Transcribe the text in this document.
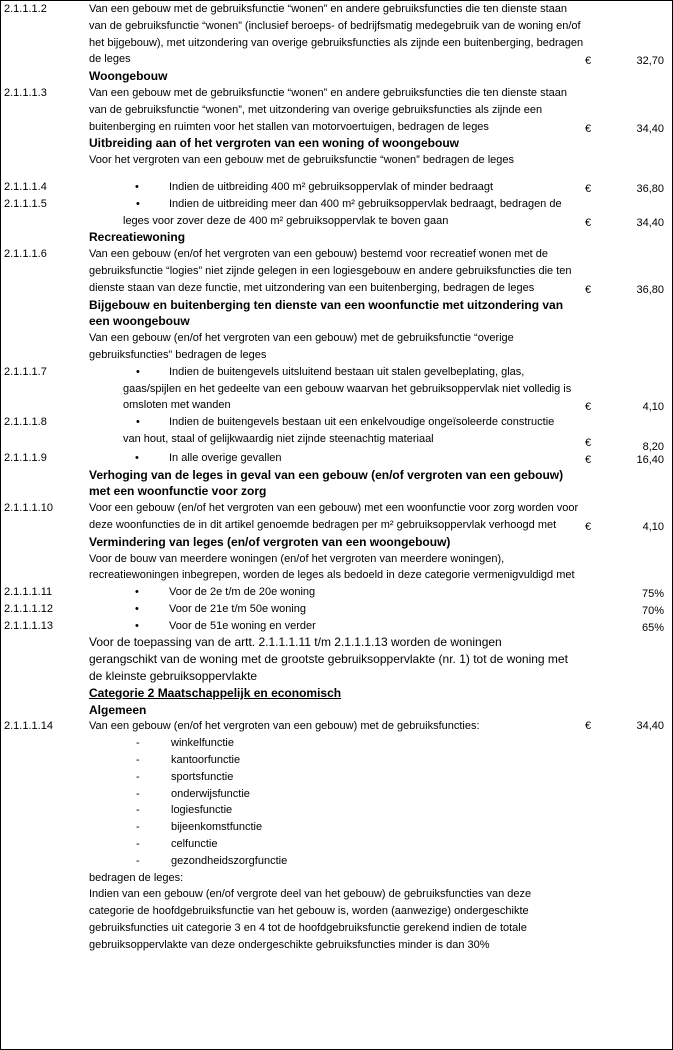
2.1.1.1.2	Van een gebouw met de gebruiksfunctie “wonen” en andere gebruiksfuncties die ten dienste staan van de gebruiksfunctie “wonen” (inclusief beroeps- of bedrijfsmatig medegebruik van de woning en/of het bijgebouw), met uitzondering van overige gebruiksfuncties als zijnde een buitenberging, bedragen de leges	€	32,70
Woongebouw
2.1.1.1.3	Van een gebouw met de gebruiksfunctie “wonen” en andere gebruiksfuncties die ten dienste staan van de gebruiksfunctie “wonen”, met uitzondering van overige gebruiksfuncties als zijnde een buitenberging en ruimten voor het stallen van motorvoertuigen, bedragen de leges	€	34,40
Uitbreiding aan of het vergroten van een woning of woongebouw
Voor het vergroten van een gebouw met de gebruiksfunctie “wonen” bedragen de leges
2.1.1.1.4	•	Indien de uitbreiding 400 m² gebruiksoppervlak of minder bedraagt	€	36,80
2.1.1.1.5	•	Indien de uitbreiding meer dan 400 m² gebruiksoppervlak bedraagt, bedragen de leges voor zover deze de 400 m² gebruiksoppervlak te boven gaan	€	34,40
Recreatiewoning
2.1.1.1.6	Van een gebouw (en/of het vergroten van een gebouw) bestemd voor recreatief wonen met de gebruiksfunctie “logies” niet zijnde gelegen in een logiesgebouw en andere gebruiksfuncties die ten dienste staan van deze functie, met uitzondering van een buitenberging, bedragen de leges	€	36,80
Bijgebouw en buitenberging ten dienste van een woonfunctie met uitzondering van een woongebouw
Van een gebouw (en/of het vergroten van een gebouw) met de gebruiksfunctie “overige gebruiksfuncties” bedragen de leges
2.1.1.1.7	•	Indien de buitengevels uitsluitend bestaan uit stalen gevelbeplating, glas, gaas/spijlen en het gedeelte van een gebouw waarvan het gebruiksoppervlak niet volledig is omsloten met wanden	€	4,10
2.1.1.1.8	•	Indien de buitengevels bestaan uit een enkelvoudige ongeïsoleerde constructie van hout, staal of gelijkwaardig niet zijnde steenachtig materiaal	€	8,20
2.1.1.1.9	•	In alle overige gevallen	€	16,40
Verhoging van de leges in geval van een gebouw (en/of vergroten van een gebouw) met een woonfunctie voor zorg
2.1.1.1.10	Voor een gebouw (en/of het vergroten van een gebouw) met een woonfunctie voor zorg worden voor deze woonfuncties de in dit artikel genoemde bedragen per m² gebruiksoppervlak verhoogd met	€	4,10
Vermindering van leges (en/of vergroten van een woongebouw)
Voor de bouw van meerdere woningen (en/of het vergroten van meerdere woningen), recreatiewoningen inbegrepen, worden de leges als bedoeld in deze categorie vermenigvuldigd met
2.1.1.1.11	•	Voor de 2e t/m de 20e woning	75%
2.1.1.1.12	•	Voor de 21e t/m 50e woning	70%
2.1.1.1.13	•	Voor de 51e woning en verder	65%
Voor de toepassing van de artt. 2.1.1.1.11 t/m 2.1.1.1.13 worden de woningen gerangschikt van de woning met de grootste gebruiksoppervlakte (nr. 1) tot de woning met de kleinste gebruiksoppervlakte
Categorie 2 Maatschappelijk en economisch
Algemeen
2.1.1.1.14	Van een gebouw (en/of het vergroten van een gebouw) met de gebruiksfuncties:	€	34,40
-	winkelfunctie
-	kantoorfunctie
-	sportsfunctie
-	onderwijsfunctie
-	logiesfunctie
-	bijeenkomstfunctie
-	celfunctie
-	gezondheidszorgfunctie
bedragen de leges:
Indien van een gebouw (en/of vergrote deel van het gebouw) de gebruiksfuncties van deze categorie de hoofdgebruiksfunctie van het gebouw is, worden (aanwezige) ondergeschikte gebruiksfuncties uit categorie 3 en 4 tot de hoofdgebruiksfunctie gerekend indien de totale gebruiksoppervlakte van deze ondergeschikte gebruiksfuncties minder is dan 30%
